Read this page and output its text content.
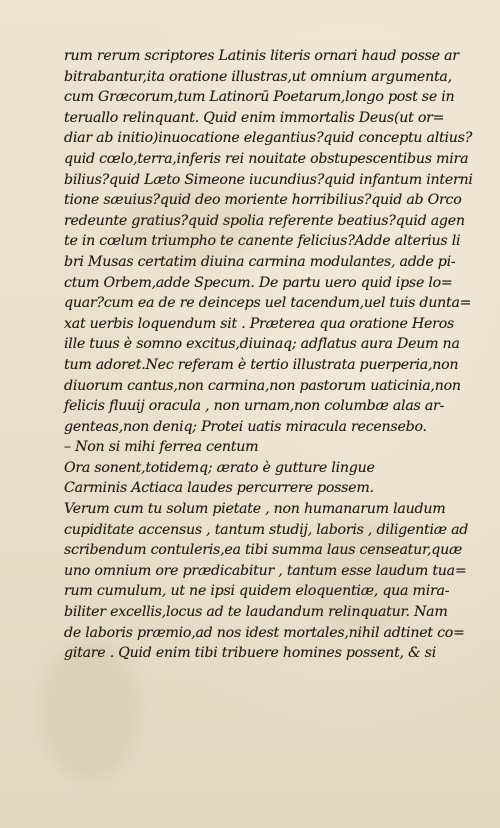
rum rerum scriptores Latinis literis ornari haud posse ar
bitrabantur,ita oratione illustras,ut omnium argumenta,
cum Græcorum,tum Latinorū Poetarum,longo post se in
teruallo relinquant. Quid enim immortalis Deus(ut or=
diar ab initio)inuocatione elegantius?quid conceptu altius?
quid cœlo,terra,inferis rei nouitate obstupescentibus mira
bilius?quid Læto Simeone iucundius?quid infantum interni
tione sæuius?quid deo moriente horribilius?quid ab Orco
redeunte gratius?quid spolia referente beatius?quid agen
te in cœlum triumpho te canente felicius?Adde alterius li
bri Musas certatim diuina carmina modulantes, adde pi-
ctum Orbem,adde Specum. De partu uero quid ipse lo=
quar?cum ea de re deinceps uel tacendum,uel tuis dunta=
xat uerbis loquendum sit . Præterea qua oratione Heros
ille tuus è somno excitus,diuinaq; adflatus aura Deum na
tum adoret.Nec referam è tertio illustrata puerperia,non
diuorum cantus,non carmina,non pastorum uaticinia,non
felicis fluuij oracula , non urnam,non columbæ alas ar-
genteas,non deniq; Protei uatis miracula recensebo.
– Non si mihi ferrea centum
Ora sonent,totidemq; ærato è gutture lingue
Carminis Actiaca laudes percurrere possem.
Verum cum tu solum pietate , non humanarum laudum
cupiditate accensus , tantum studij, laboris , diligentiæ ad
scribendum contuleris,ea tibi summa laus censeatur,quæ
uno omnium ore prædicabitur , tantum esse laudum tua=
rum cumulum, ut ne ipsi quidem eloquentiæ, qua mira-
biliter excellis,locus ad te laudandum relinquatur. Nam
de laboris præmio,ad nos idest mortales,nihil adtinet co=
gitare . Quid enim tibi tribuere homines possent, & si
